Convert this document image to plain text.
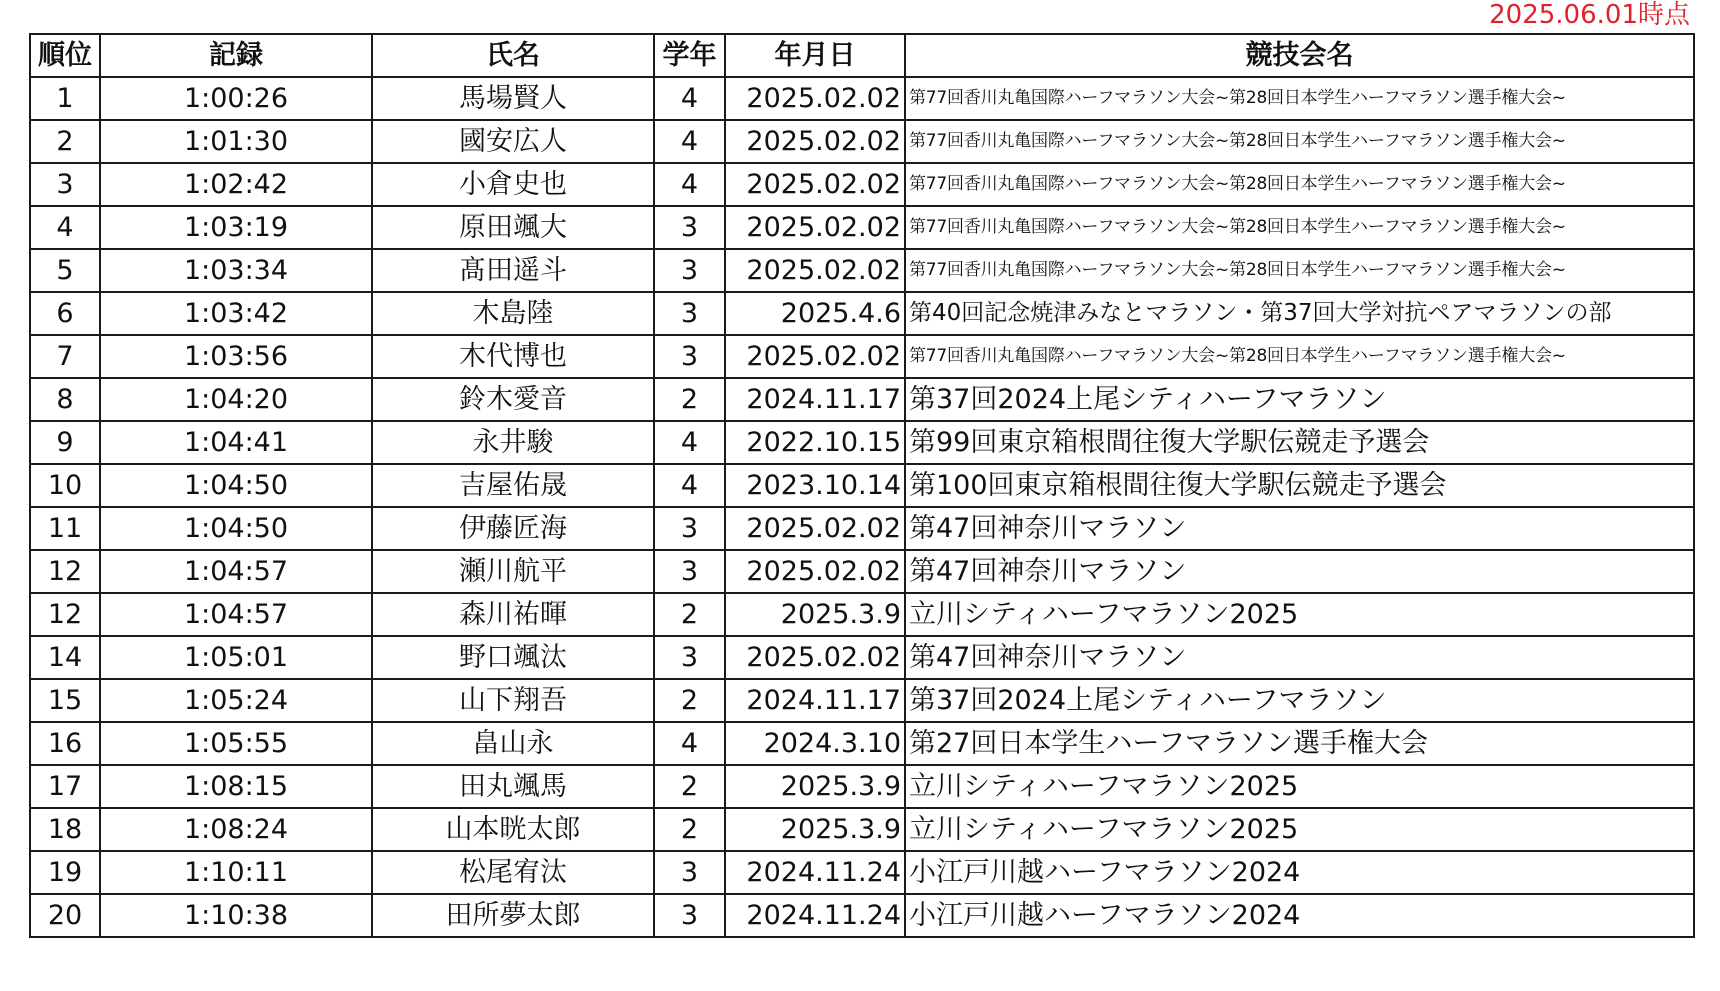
2025.06.01時点
順位	記録	氏名	学年	年月日	競技会名
1	1:00:26	馬場賢人	4	2025.02.02	第77回香川丸亀国際ハーフマラソン大会~第28回日本学生ハーフマラソン選手権大会~
2	1:01:30	國安広人	4	2025.02.02	第77回香川丸亀国際ハーフマラソン大会~第28回日本学生ハーフマラソン選手権大会~
3	1:02:42	小倉史也	4	2025.02.02	第77回香川丸亀国際ハーフマラソン大会~第28回日本学生ハーフマラソン選手権大会~
4	1:03:19	原田颯大	3	2025.02.02	第77回香川丸亀国際ハーフマラソン大会~第28回日本学生ハーフマラソン選手権大会~
5	1:03:34	髙田遥斗	3	2025.02.02	第77回香川丸亀国際ハーフマラソン大会~第28回日本学生ハーフマラソン選手権大会~
6	1:03:42	木島陸	3	2025.4.6	第40回記念焼津みなとマラソン・第37回大学対抗ペアマラソンの部
7	1:03:56	木代博也	3	2025.02.02	第77回香川丸亀国際ハーフマラソン大会~第28回日本学生ハーフマラソン選手権大会~
8	1:04:20	鈴木愛音	2	2024.11.17	第37回2024上尾シティハーフマラソン
9	1:04:41	永井駿	4	2022.10.15	第99回東京箱根間往復大学駅伝競走予選会
10	1:04:50	吉屋佑晟	4	2023.10.14	第100回東京箱根間往復大学駅伝競走予選会
11	1:04:50	伊藤匠海	3	2025.02.02	第47回神奈川マラソン
12	1:04:57	瀬川航平	3	2025.02.02	第47回神奈川マラソン
12	1:04:57	森川祐暉	2	2025.3.9	立川シティハーフマラソン2025
14	1:05:01	野口颯汰	3	2025.02.02	第47回神奈川マラソン
15	1:05:24	山下翔吾	2	2024.11.17	第37回2024上尾シティハーフマラソン
16	1:05:55	畠山永	4	2024.3.10	第27回日本学生ハーフマラソン選手権大会
17	1:08:15	田丸颯馬	2	2025.3.9	立川シティハーフマラソン2025
18	1:08:24	山本晄太郎	2	2025.3.9	立川シティハーフマラソン2025
19	1:10:11	松尾宥汰	3	2024.11.24	小江戸川越ハーフマラソン2024
20	1:10:38	田所夢太郎	3	2024.11.24	小江戸川越ハーフマラソン2024
